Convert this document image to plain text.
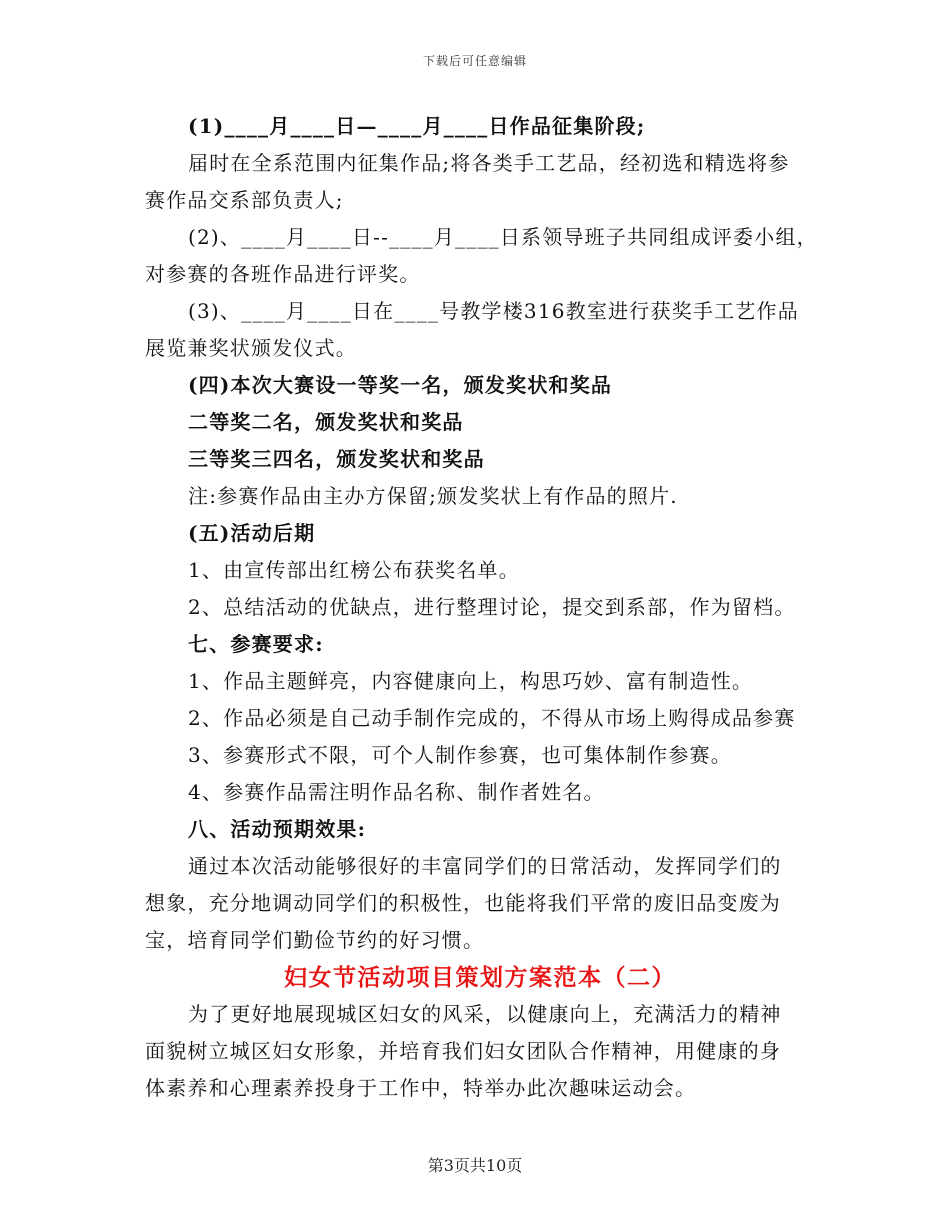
下载后可任意编辑
(1)____月____日—____月____日作品征集阶段;
届时在全系范围内征集作品;将各类手工艺品，经初选和精选将参
赛作品交系部负责人;
(2)、____月____日--____月____日系领导班子共同组成评委小组，
对参赛的各班作品进行评奖。
(3)、____月____日在____号教学楼316教室进行获奖手工艺作品
展览兼奖状颁发仪式。
(四)本次大赛设一等奖一名，颁发奖状和奖品
二等奖二名，颁发奖状和奖品
三等奖三四名，颁发奖状和奖品
注:参赛作品由主办方保留;颁发奖状上有作品的照片.
(五)活动后期
1、由宣传部出红榜公布获奖名单。
2、总结活动的优缺点，进行整理讨论，提交到系部，作为留档。
七、参赛要求:
1、作品主题鲜亮，内容健康向上，构思巧妙、富有制造性。
2、作品必须是自己动手制作完成的，不得从市场上购得成品参赛
3、参赛形式不限，可个人制作参赛，也可集体制作参赛。
4、参赛作品需注明作品名称、制作者姓名。
八、活动预期效果:
通过本次活动能够很好的丰富同学们的日常活动，发挥同学们的
想象，充分地调动同学们的积极性，也能将我们平常的废旧品变废为
宝，培育同学们勤俭节约的好习惯。
妇女节活动项目策划方案范本（二）
为了更好地展现城区妇女的风采，以健康向上，充满活力的精神
面貌树立城区妇女形象，并培育我们妇女团队合作精神，用健康的身
体素养和心理素养投身于工作中，特举办此次趣味运动会。
第3页共10页
